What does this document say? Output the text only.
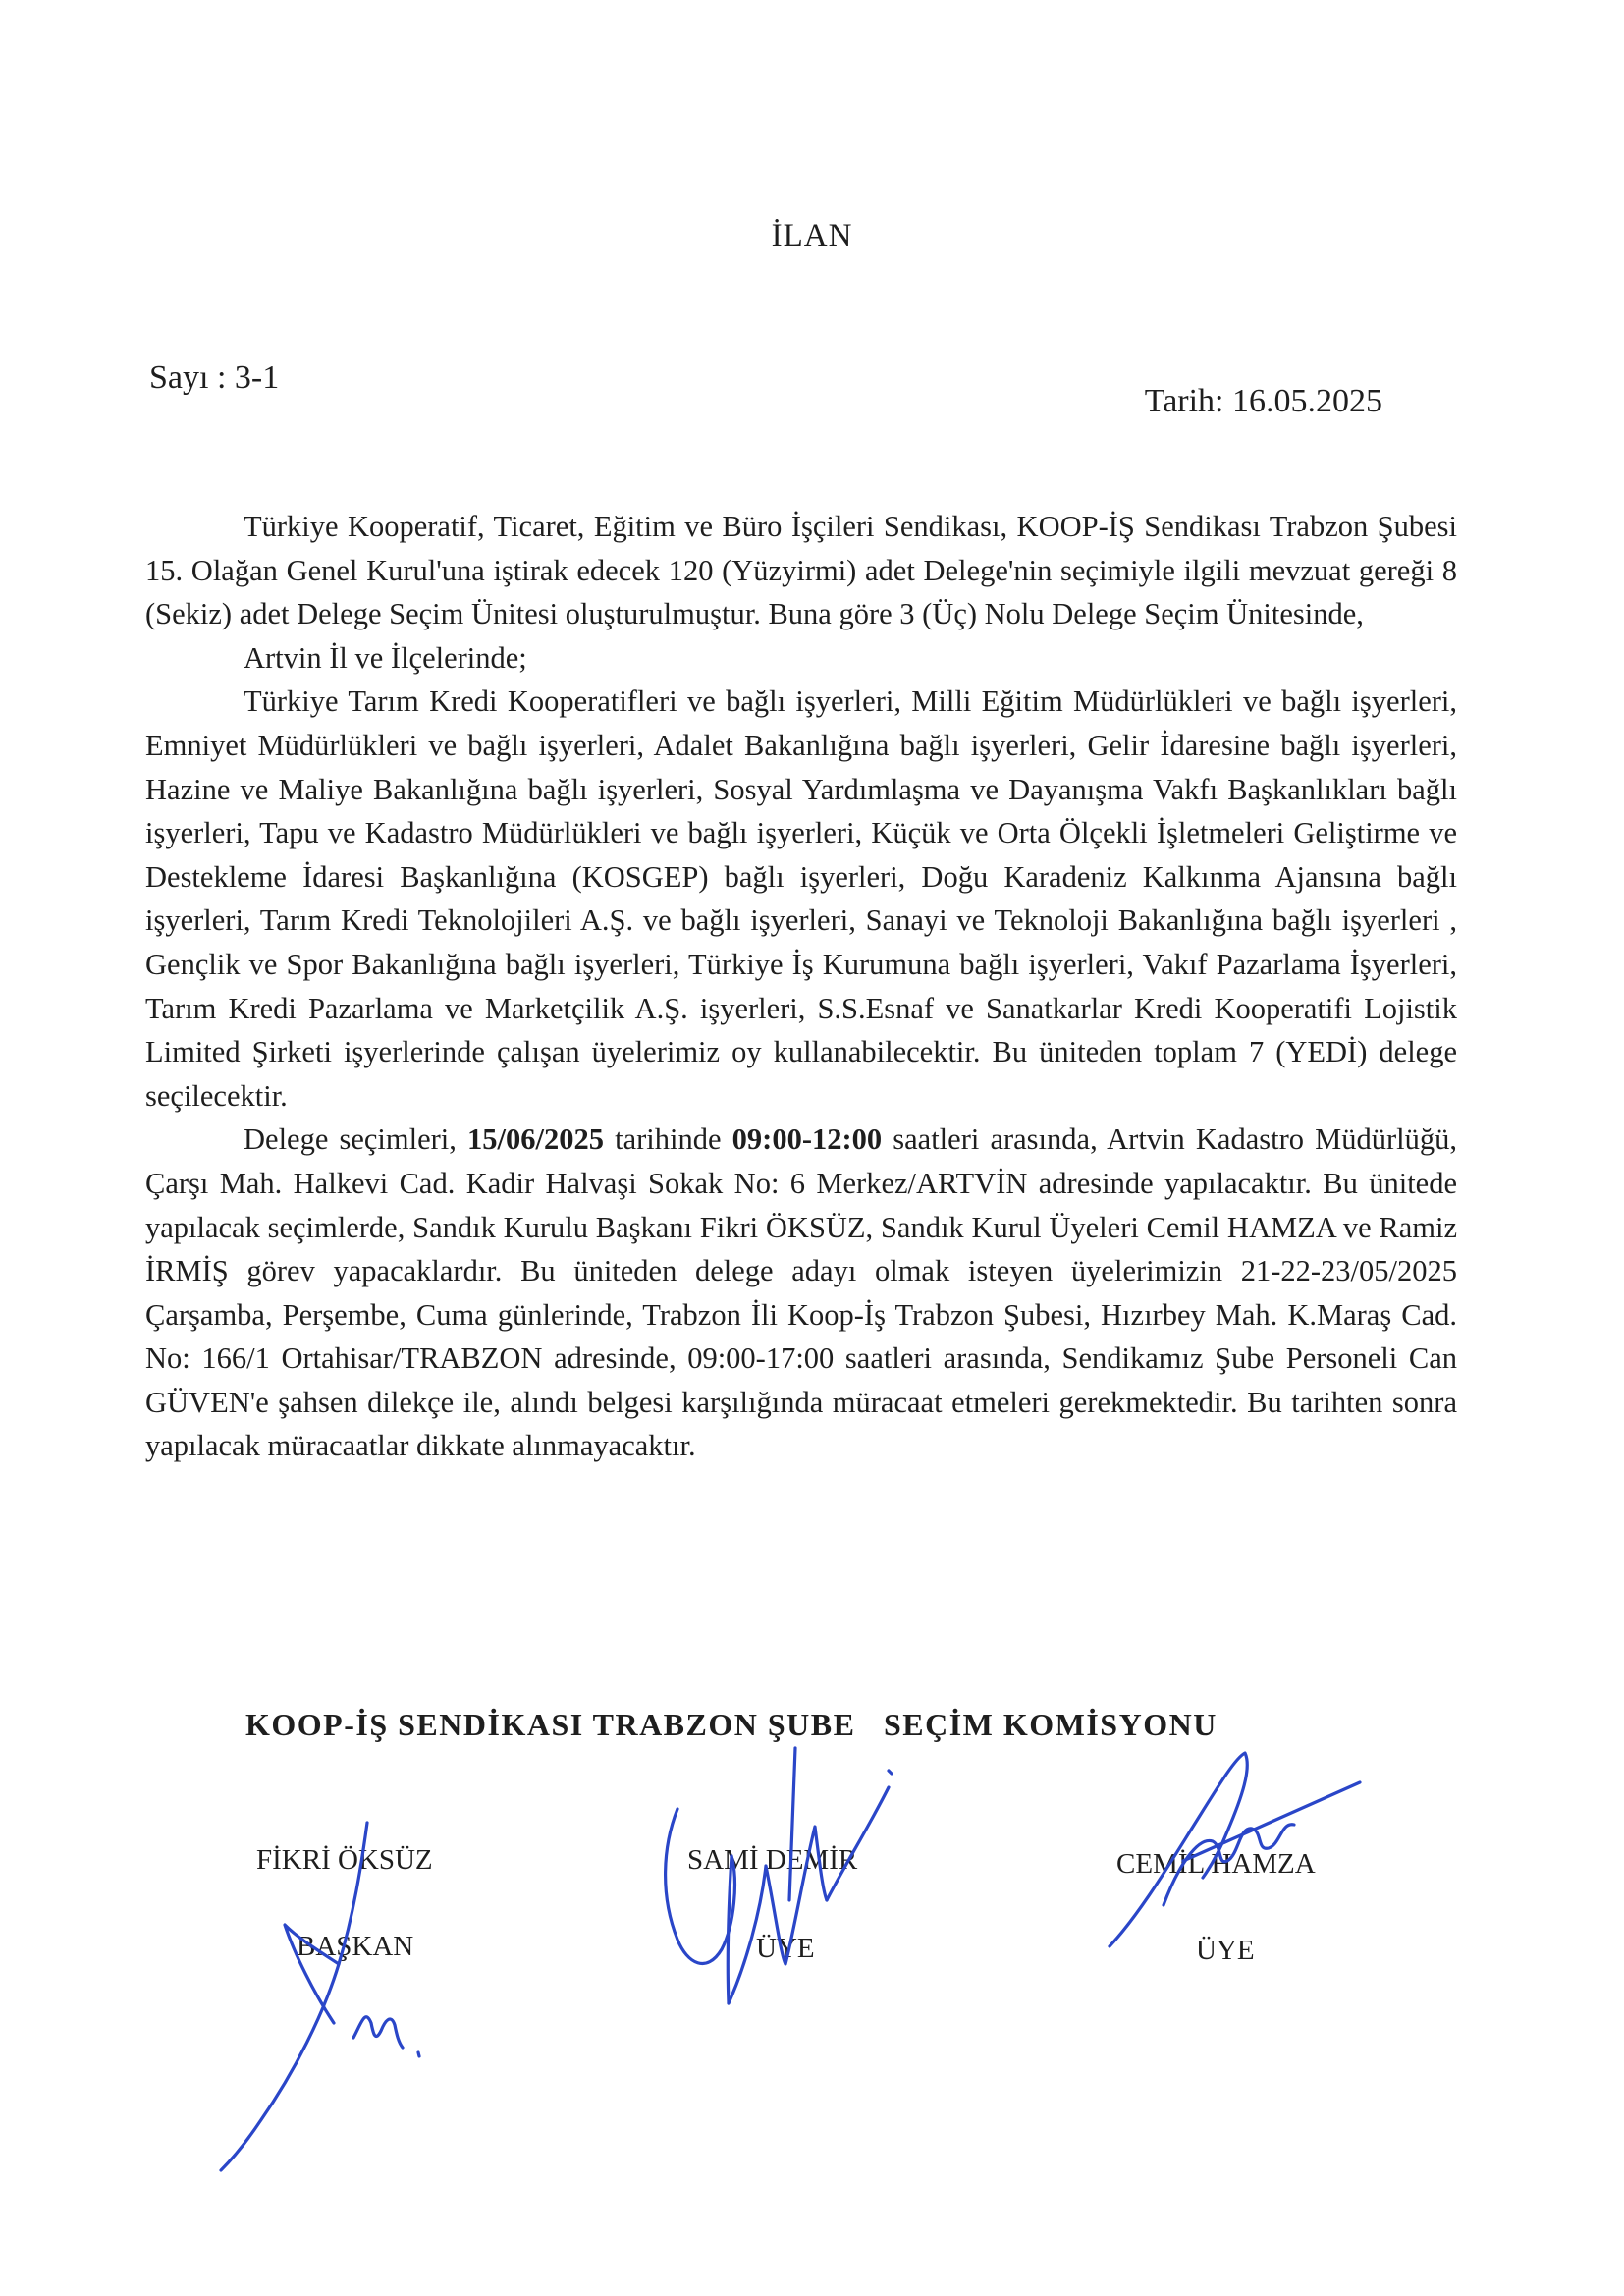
İLAN
Sayı : 3-1
Tarih: 16.05.2025

Türkiye Kooperatif, Ticaret, Eğitim ve Büro İşçileri Sendikası, KOOP-İŞ Sendikası Trabzon Şubesi 15. Olağan Genel Kurul'una iştirak edecek 120 (Yüzyirmi) adet Delege'nin seçimiyle ilgili mevzuat gereği 8 (Sekiz) adet Delege Seçim Ünitesi oluşturulmuştur. Buna göre 3 (Üç) Nolu Delege Seçim Ünitesinde,

Artvin İl ve İlçelerinde;

Türkiye Tarım Kredi Kooperatifleri ve bağlı işyerleri, Milli Eğitim Müdürlükleri ve bağlı işyerleri, Emniyet Müdürlükleri ve bağlı işyerleri, Adalet Bakanlığına bağlı işyerleri, Gelir İdaresine bağlı işyerleri, Hazine ve Maliye Bakanlığına bağlı işyerleri, Sosyal Yardımlaşma ve Dayanışma Vakfı Başkanlıkları bağlı işyerleri, Tapu ve Kadastro Müdürlükleri ve bağlı işyerleri, Küçük ve Orta Ölçekli İşletmeleri Geliştirme ve Destekleme İdaresi Başkanlığına (KOSGEP) bağlı işyerleri, Doğu Karadeniz Kalkınma Ajansına bağlı işyerleri, Tarım Kredi Teknolojileri A.Ş. ve bağlı işyerleri, Sanayi ve Teknoloji Bakanlığına bağlı işyerleri , Gençlik ve Spor Bakanlığına bağlı işyerleri, Türkiye İş Kurumuna bağlı işyerleri, Vakıf Pazarlama İşyerleri, Tarım Kredi Pazarlama ve Marketçilik A.Ş. işyerleri, S.S.Esnaf ve Sanatkarlar Kredi Kooperatifi Lojistik Limited Şirketi işyerlerinde çalışan üyelerimiz oy kullanabilecektir. Bu üniteden toplam 7 (YEDİ) delege seçilecektir.

Delege seçimleri, 15/06/2025 tarihinde 09:00-12:00 saatleri arasında, Artvin Kadastro Müdürlüğü, Çarşı Mah. Halkevi Cad. Kadir Halvaşi Sokak No: 6 Merkez/ARTVİN adresinde yapılacaktır. Bu ünitede yapılacak seçimlerde, Sandık Kurulu Başkanı Fikri ÖKSÜZ, Sandık Kurul Üyeleri Cemil HAMZA ve Ramiz İRMİŞ görev yapacaklardır. Bu üniteden delege adayı olmak isteyen üyelerimizin 21-22-23/05/2025 Çarşamba, Perşembe, Cuma günlerinde, Trabzon İli Koop-İş Trabzon Şubesi, Hızırbey Mah. K.Maraş Cad. No: 166/1 Ortahisar/TRABZON adresinde, 09:00-17:00 saatleri arasında, Sendikamız Şube Personeli Can GÜVEN'e şahsen dilekçe ile, alındı belgesi karşılığında müracaat etmeleri gerekmektedir. Bu tarihten sonra yapılacak müracaatlar dikkate alınmayacaktır.

KOOP-İŞ SENDİKASI TRABZON ŞUBE   SEÇİM KOMİSYONU
FİKRİ ÖKSÜZ
BAŞKAN
SAMİ DEMİR
ÜYE
CEMİL HAMZA
ÜYE
